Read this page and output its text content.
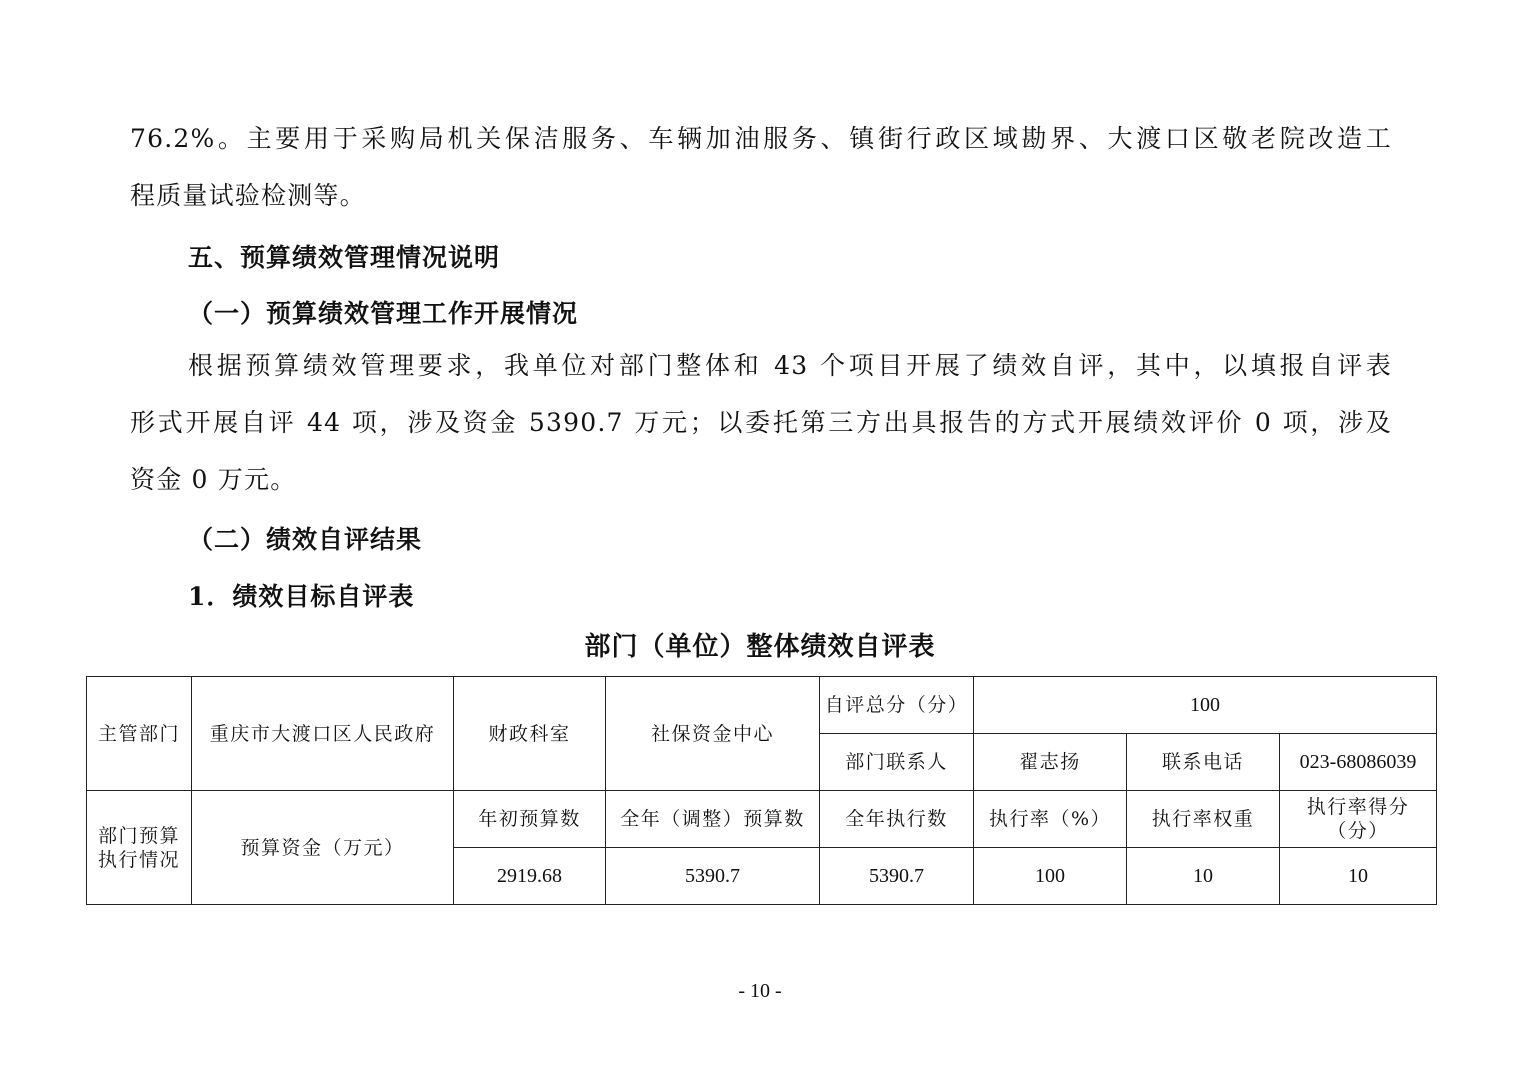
76.2%。主要用于采购局机关保洁服务、车辆加油服务、镇街行政区域勘界、大渡口区敬老院改造工
程质量试验检测等。
五、预算绩效管理情况说明
（一）预算绩效管理工作开展情况
根据预算绩效管理要求，我单位对部门整体和 43 个项目开展了绩效自评，其中，以填报自评表
形式开展自评 44 项，涉及资金 5390.7 万元；以委托第三方出具报告的方式开展绩效评价 0 项，涉及
资金 0 万元。
（二）绩效自评结果
1．绩效目标自评表
部门（单位）整体绩效自评表
主管部门	重庆市大渡口区人民政府	财政科室	社保资金中心	自评总分（分）	100		
				部门联系人	翟志扬	联系电话	023-68086039
部门预算执行情况	预算资金（万元）	年初预算数	全年（调整）预算数	全年执行数	执行率（%）	执行率权重	执行率得分（分）
		2919.68	5390.7	5390.7	100	10	10
- 10 -
